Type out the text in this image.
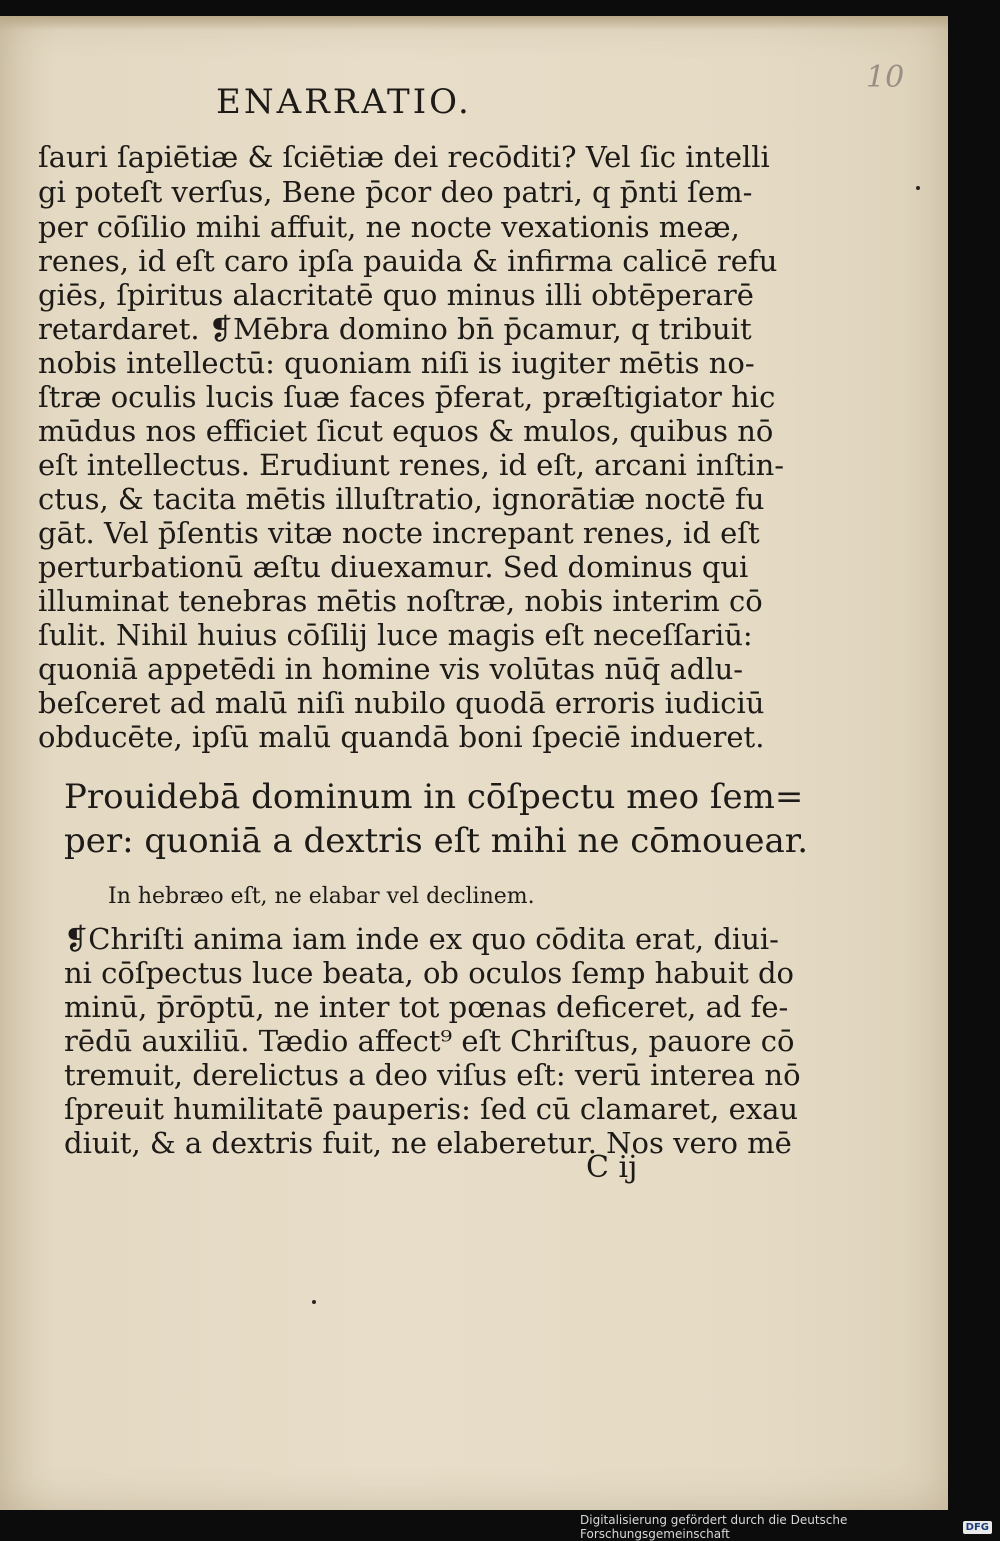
ENARRATIO.
10
ſauri ſapiētiæ & ſciētiæ dei recōditi? Vel ſic intelli
gi poteſt verſus, Bene p̄cor deo patri, q p̄nti ſem-
per cōſilio mihi affuit, ne nocte vexationis meæ,
renes, id eſt caro ipſa pauida & infirma calicē refu
giēs, ſpiritus alacritatē quo minus illi obtēperarē
retardaret. ❡Mēbra domino bn̄ p̄camur, q tribuit
nobis intellectū: quoniam niſi is iugiter mētis no-
ſtræ oculis lucis ſuæ faces p̄ferat, præſtigiator hic
mūdus nos efficiet ſicut equos & mulos, quibus nō
eſt intellectus. Erudiunt renes, id eſt, arcani inſtin-
ctus, & tacita mētis illuſtratio, ignorātiæ noctē fu
gāt. Vel p̄ſentis vitæ nocte increpant renes, id eſt
perturbationū æſtu diuexamur. Sed dominus qui
illuminat tenebras mētis noſtræ, nobis interim cō
ſulit. Nihil huius cōſilij luce magis eſt neceſſariū:
quoniā appetēdi in homine vis volūtas nūq̄ adlu-
beſceret ad malū niſi nubilo quodā erroris iudiciū
obducēte, ipſū malū quandā boni ſpeciē indueret.
Prouidebā dominum in cōſpectu meo ſem=
per: quoniā a dextris eſt mihi ne cōmouear.
In hebræo eſt, ne elabar vel declinem.
❡Chriſti anima iam inde ex quo cōdita erat, diui-
ni cōſpectus luce beata, ob oculos ſemp habuit do
minū, p̄rōptū, ne inter tot pœnas deficeret, ad fe-
rēdū auxiliū. Tædio affect⁹ eſt Chriſtus, pauore cō
tremuit, derelictus a deo viſus eſt: verū interea nō
ſpreuit humilitatē pauperis: ſed cū clamaret, exau
diuit, & a dextris fuit, ne elaberetur. Nos vero mē
C ij
Digitalisierung gefördert durch die Deutsche Forschungsgemeinschaft	DFG
